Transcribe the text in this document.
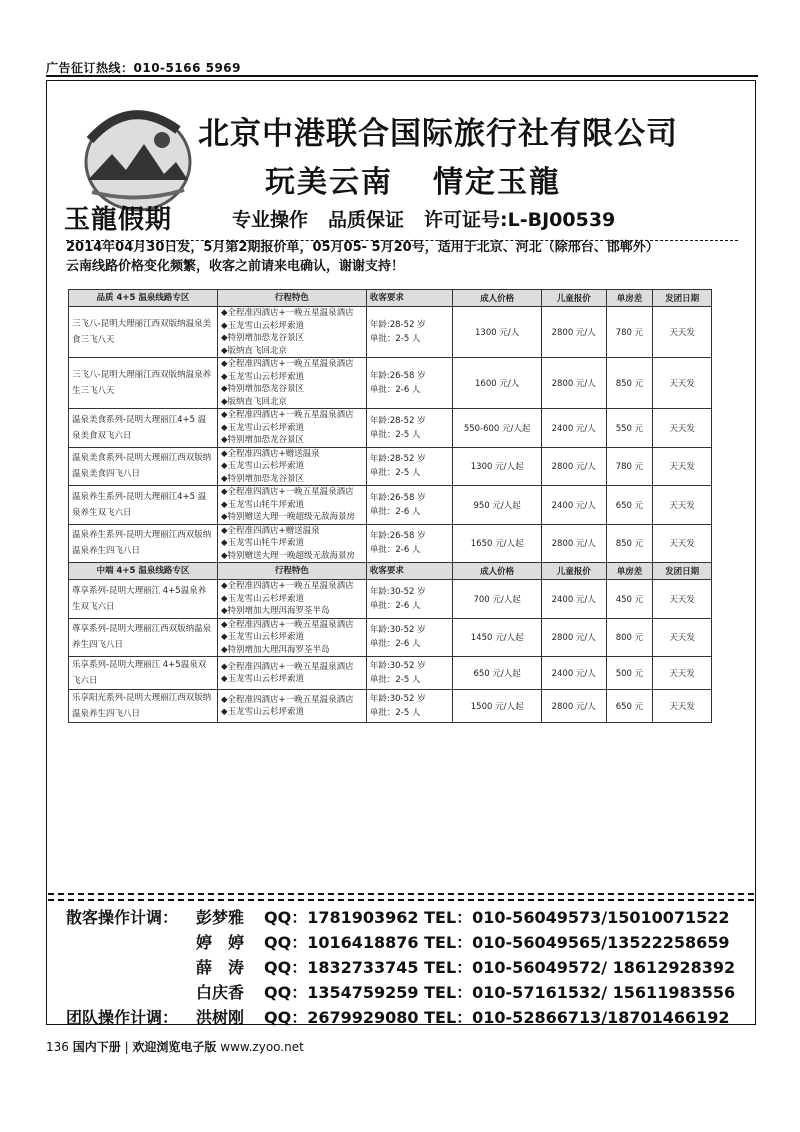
广告征订热线：010-5166 5969
玉龍假期
北京中港联合国际旅行社有限公司
玩美云南 情定玉龍
专业操作 品质保证 许可证号:L-BJ00539
2014年04月30日发，5月第2期报价单，05月05- 5月20号，适用于北京、河北（除邢台、邯郸外）
云南线路价格变化频繁，收客之前请来电确认，谢谢支持！
品质 4+5 温泉线路专区	行程特色	收客要求	成人价格	儿童报价	单房差	发团日期
三飞八-昆明大理丽江西双版纳温泉美食三飞八天	◆全程准四酒店+一晚五星温泉酒店
◆玉龙雪山云杉坪索道
◆特别增加恐龙谷景区
◆版纳直飞回北京	年龄:28-52 岁
单批：2-5 人	1300 元/人	2800 元/人	780 元	天天发
三飞八-昆明大理丽江西双版纳温泉养生三飞八天	◆全程准四酒店+一晚五星温泉酒店
◆玉龙雪山云杉坪索道
◆特别增加恐龙谷景区
◆版纳直飞回北京	年龄:26-58 岁
单批：2-6 人	1600 元/人	2800 元/人	850 元	天天发
温泉美食系列-昆明大理丽江4+5 温泉美食双飞六日	◆全程准四酒店+一晚五星温泉酒店
◆玉龙雪山云杉坪索道
◆特别增加恐龙谷景区	年龄:28-52 岁
单批：2-5 人	550-600 元/人起	2400 元/人	550 元	天天发
温泉美食系列-昆明大理丽江西双版纳温泉美食四飞八日	◆全程准四酒店+赠送温泉
◆玉龙雪山云杉坪索道
◆特别增加恐龙谷景区	年龄:28-52 岁
单批：2-5 人	1300 元/人起	2800 元/人	780 元	天天发
温泉养生系列-昆明大理丽江4+5 温泉养生双飞六日	◆全程准四酒店+一晚五星温泉酒店
◆玉龙雪山牦牛坪索道
◆特别赠送大理一晚超级无敌海景房	年龄:26-58 岁
单批：2-6 人	950 元/人起	2400 元/人	650 元	天天发
温泉养生系列-昆明大理丽江西双版纳温泉养生四飞八日	◆全程准四酒店+赠送温泉
◆玉龙雪山牦牛坪索道
◆特别赠送大理一晚超级无敌海景房	年龄:26-58 岁
单批：2-6 人	1650 元/人起	2800 元/人	850 元	天天发
中端 4+5 温泉线路专区	行程特色	收客要求	成人价格	儿童报价	单房差	发团日期
尊享系列-昆明大理丽江 4+5温泉养生双飞六日	◆全程准四酒店+一晚五星温泉酒店
◆玉龙雪山云杉坪索道
◆特别增加大理洱海罗荃半岛	年龄:30-52 岁
单批：2-6 人	700 元/人起	2400 元/人	450 元	天天发
尊享系列-昆明大理丽江西双版纳温泉养生四飞八日	◆全程准四酒店+一晚五星温泉酒店
◆玉龙雪山云杉坪索道
◆特别增加大理洱海罗荃半岛	年龄:30-52 岁
单批：2-6 人	1450 元/人起	2800 元/人	800 元	天天发
乐享系列-昆明大理丽江 4+5温泉双飞六日	◆全程准四酒店+一晚五星温泉酒店
◆玉龙雪山云杉坪索道	年龄:30-52 岁
单批：2-5 人	650 元/人起	2400 元/人	500 元	天天发
乐享阳光系列-昆明大理丽江西双版纳温泉养生四飞八日	◆全程准四酒店+一晚五星温泉酒店
◆玉龙雪山云杉坪索道	年龄:30-52 岁
单批：2-5 人	1500 元/人起	2800 元/人	650 元	天天发
散客操作计调：	彭梦雅	QQ：1781903962 TEL：010-56049573/15010071522
婷　婷	QQ：1016418876 TEL：010-56049565/13522258659
薛　涛	QQ：1832733745 TEL：010-56049572/ 18612928392
白庆香	QQ：1354759259 TEL：010-57161532/ 15611983556
团队操作计调：	洪树刚	QQ：2679929080 TEL：010-52866713/18701466192
136 国内下册 | 欢迎浏览电子版 www.zyoo.net
